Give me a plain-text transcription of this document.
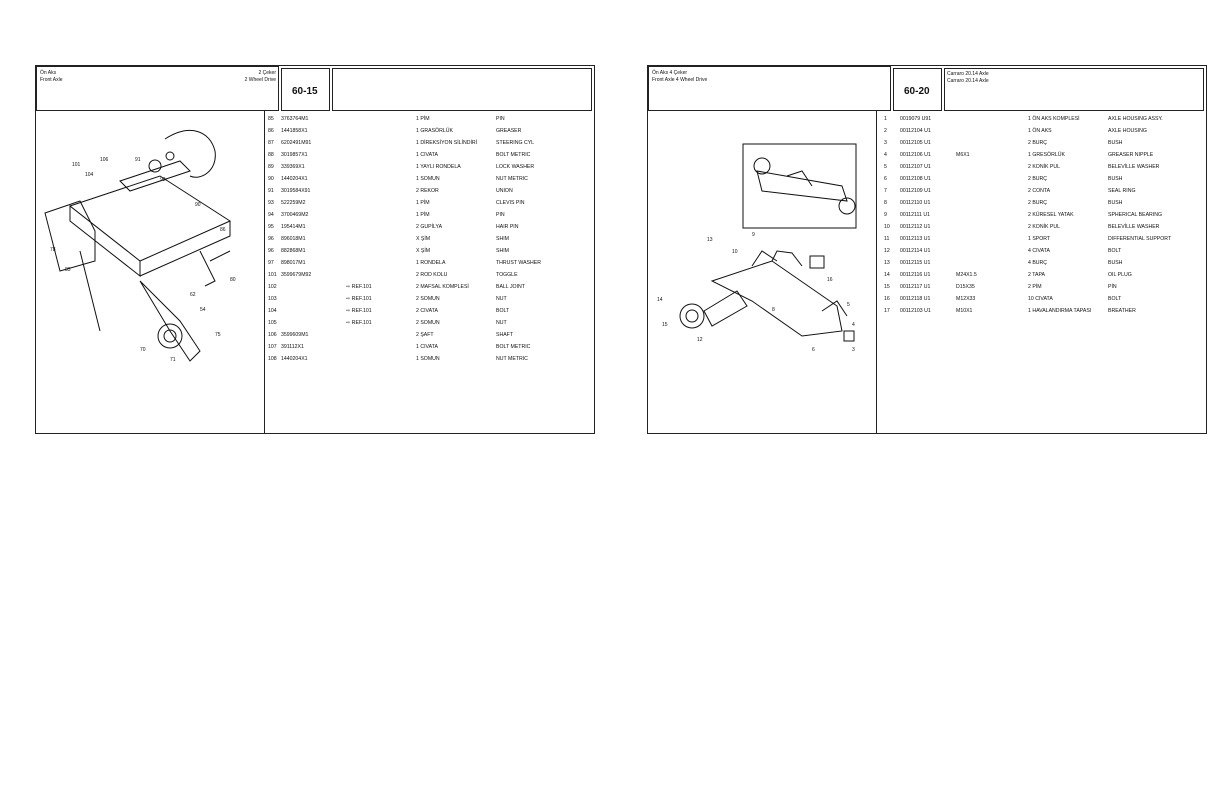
Ön Aks
Front Axle
2 Çeker
2 Wheel Drive
60-15
101
106
104
91
92
90
86
78
83
80
54
75
71
70
62
85 3763764M1	1 PİM	PIN
86 1441858X1	1 GRASÖRLÜK	GREASER
87 6202491M91	1 DİREKSİYON SİLİNDİRİ	STEERING CYL
88 3019857X1	1 CIVATA	BOLT METRIC
89 339369X1	1 YAYLI RONDELA	LOCK WASHER
90 1440204X1	1 SOMUN	NUT METRIC
91 3019584X91	2 REKOR	UNION
93 522259M2	1 PİM	CLEVIS PIN
94 3700469M2	1 PİM	PIN
95 195414M1	2 GUPİLYA	HAIR PIN
96 896018M1	X ŞİM	SHIM
96 882868M1	X ŞİM	SHIM
97 898017M1	1 RONDELA	THRUST WASHER
101 3599679M92	2 ROD KOLU	TOGGLE
102	⇨ REF.101	2 MAFSAL KOMPLESİ	BALL JOINT
103	⇨ REF.101	2 SOMUN	NUT
104	⇨ REF.101	2 CIVATA	BOLT
105	⇨ REF.101	2 SOMUN	NUT
106 3599609M1	2 ŞAFT	SHAFT
107 391112X1	1 CIVATA	BOLT METRIC
108 1440204X1	1 SOMUN	NUT METRIC
Ön Aks 4 Çeker
Front Axle 4 Wheel Drive
60-20
Carraro 20.14 Axle
Carraro 20.14 Axle
13
9
10
14
15
12
5
4
3
6
8
16
1	0019079 U91	1 ÖN AKS KOMPLESİ	AXLE HOUSING ASSY.
2	00112104 U1	1 ÖN AKS	AXLE HOUSING
3	00112105 U1	2 BURÇ	BUSH
4	00112106 U1	M6X1	1 GRESÖRLÜK	GREASER NIPPLE
5	00112107 U1	2 KONİK PUL	BELEVİLLE WASHER
6	00112108 U1	2 BURÇ	BUSH
7	00112109 U1	2 CONTA	SEAL RING
8	00112110 U1	2 BURÇ	BUSH
9	00112111 U1	2 KÜRESEL YATAK	SPHERICAL BEARING
10 00112112 U1	2 KONİK PUL	BELEVİLLE WASHER
11 00112113 U1	1 SPORT	DIFFERENTIAL SUPPORT
12 00112114 U1	4 CIVATA	BOLT
13 00112115 U1	4 BURÇ	BUSH
14 00112116 U1	M24X1.5	2 TAPA	OIL PLUG
15 00112117 U1	D15X35	2 PİM	PİN
16 00112118 U1	M12X33	10 CIVATA	BOLT
17 00112103 U1	M10X1	1 HAVALANDIRMA TAPASI	BREATHER
